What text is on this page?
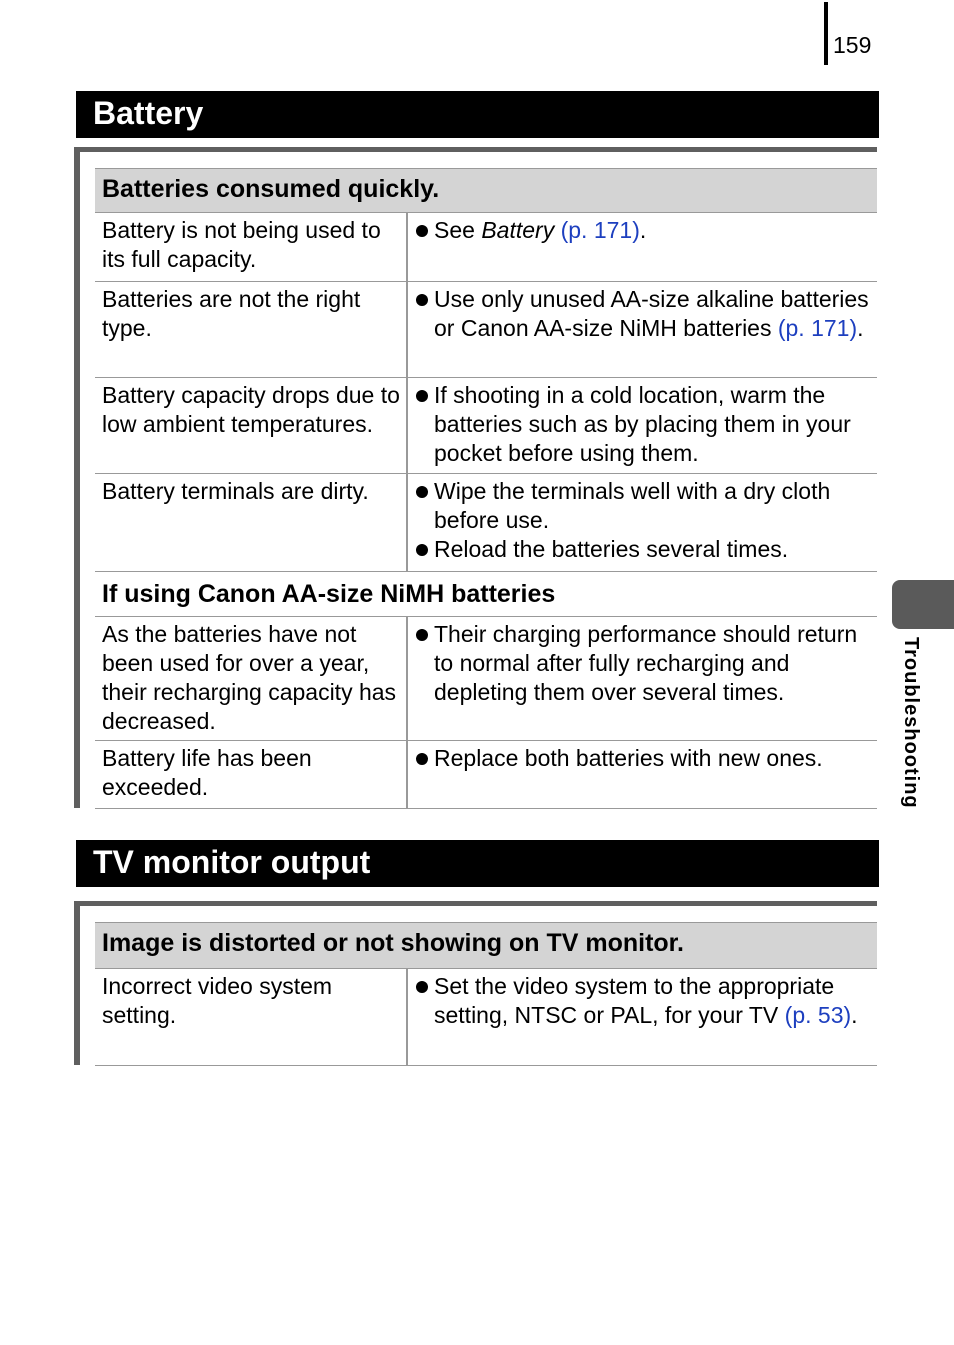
159
Troubleshooting
Battery
Batteries consumed quickly.
Battery is not being used to its full capacity.
See Battery (p. 171).
Batteries are not the right type.
Use only unused AA-size alkaline batteries or Canon AA-size NiMH batteries (p. 171).
Battery capacity drops due to low ambient temperatures.
If shooting in a cold location, warm the batteries such as by placing them in your pocket before using them.
Battery terminals are dirty.	Wipe the terminals well with a dry cloth before use.
Reload the batteries several times.
If using Canon AA-size NiMH batteries
As the batteries have not been used for over a year, their recharging capacity has decreased.
Their charging performance should return to normal after fully recharging and depleting them over several times.
Battery life has been exceeded.
Replace both batteries with new ones.
TV monitor output
Image is distorted or not showing on TV monitor.
Incorrect video system setting.
Set the video system to the appropriate setting, NTSC or PAL, for your TV (p. 53).
